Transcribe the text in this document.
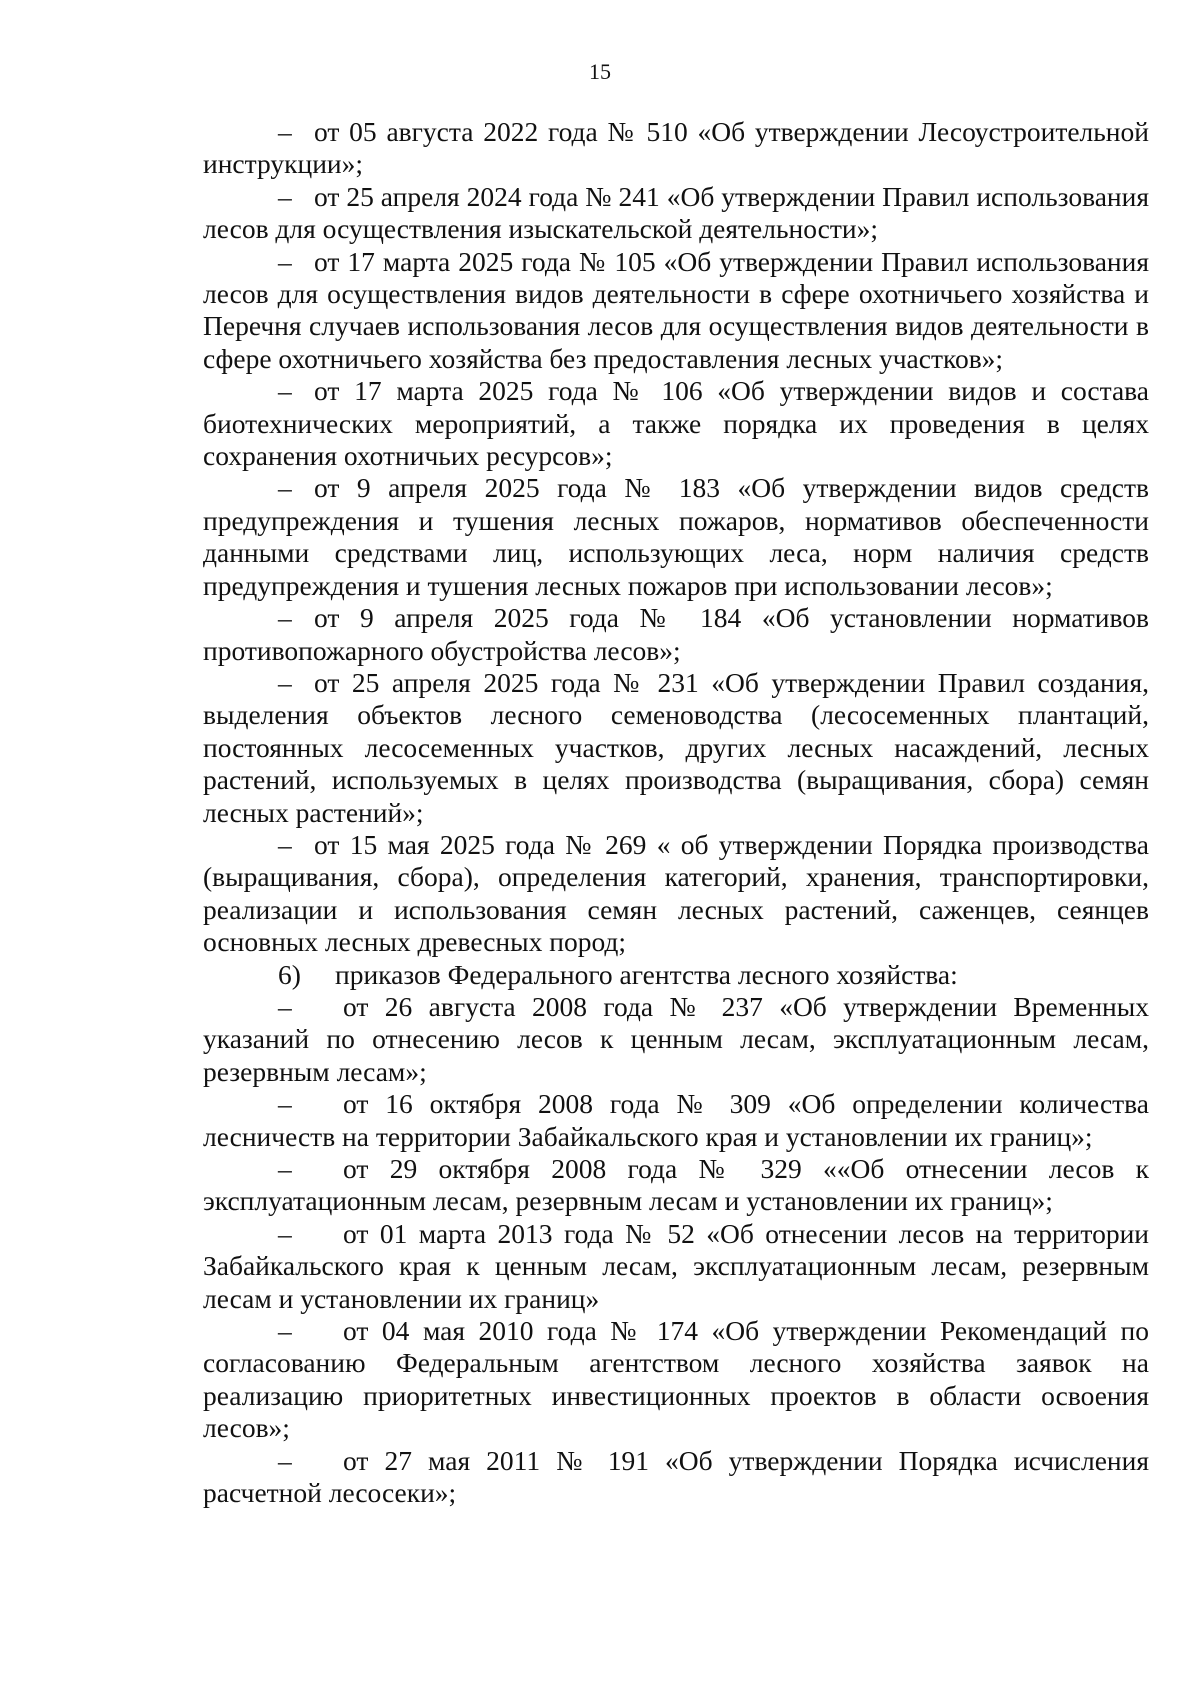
15

– от 05 августа 2022 года № 510 «Об утверждении Лесоустроительной инструкции»;

– от 25 апреля 2024 года № 241 «Об утверждении Правил использования лесов для осуществления изыскательской деятельности»;

– от 17 марта 2025 года № 105 «Об утверждении Правил использования лесов для осуществления видов деятельности в сфере охотничьего хозяйства и Перечня случаев использования лесов для осуществления видов деятельности в сфере охотничьего хозяйства без предоставления лесных участков»;

– от 17 марта 2025 года № 106 «Об утверждении видов и состава биотехнических мероприятий, а также порядка их проведения в целях сохранения охотничьих ресурсов»;

– от 9 апреля 2025 года № 183 «Об утверждении видов средств предупреждения и тушения лесных пожаров, нормативов обеспеченности данными средствами лиц, использующих леса, норм наличия средств предупреждения и тушения лесных пожаров при использовании лесов»;

– от 9 апреля 2025 года № 184 «Об установлении нормативов противопожарного обустройства лесов»;

– от 25 апреля 2025 года № 231 «Об утверждении Правил создания, выделения объектов лесного семеноводства (лесосеменных плантаций, постоянных лесосеменных участков, других лесных насаждений, лесных растений, используемых в целях производства (выращивания, сбора) семян лесных растений»;

– от 15 мая 2025 года № 269 « об утверждении Порядка производства (выращивания, сбора), определения категорий, хранения, транспортировки, реализации и использования семян лесных растений, саженцев, сеянцев основных лесных древесных пород;

6) приказов Федерального агентства лесного хозяйства:

– от 26 августа 2008 года № 237 «Об утверждении Временных указаний по отнесению лесов к ценным лесам, эксплуатационным лесам, резервным лесам»;

– от 16 октября 2008 года № 309 «Об определении количества лесничеств на территории Забайкальского края и установлении их границ»;

– от 29 октября 2008 года № 329 ««Об отнесении лесов к эксплуатационным лесам, резервным лесам и установлении их границ»;

– от 01 марта 2013 года № 52 «Об отнесении лесов на территории Забайкальского края к ценным лесам, эксплуатационным лесам, резервным лесам и установлении их границ»

– от 04 мая 2010 года № 174 «Об утверждении Рекомендаций по согласованию Федеральным агентством лесного хозяйства заявок на реализацию приоритетных инвестиционных проектов в области освоения лесов»;

– от 27 мая 2011 № 191 «Об утверждении Порядка исчисления расчетной лесосеки»;
